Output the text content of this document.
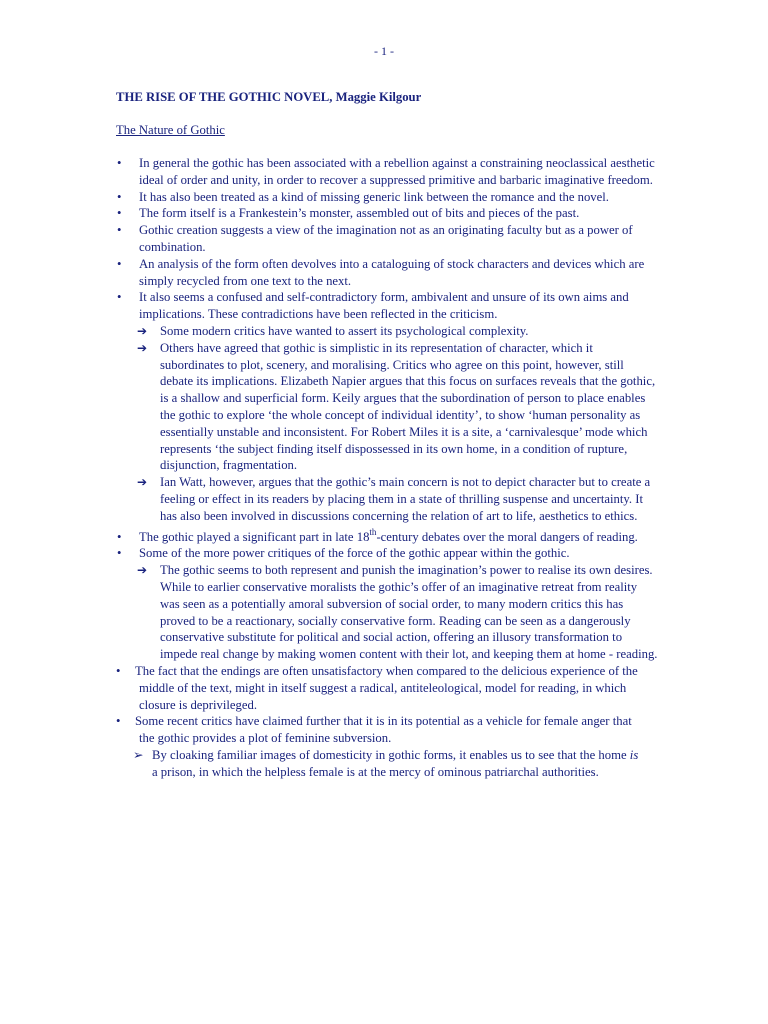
- 1 -
THE RISE OF THE GOTHIC NOVEL, Maggie Kilgour
The Nature of Gothic
• In general the gothic has been associated with a rebellion against a constraining neoclassical aesthetic ideal of order and unity, in order to recover a suppressed primitive and barbaric imaginative freedom.
• It has also been treated as a kind of missing generic link between the romance and the novel.
• The form itself is a Frankestein’s monster, assembled out of bits and pieces of the past.
• Gothic creation suggests a view of the imagination not as an originating faculty but as a power of combination.
• An analysis of the form often devolves into a cataloguing of stock characters and devices which are simply recycled from one text to the next.
• It also seems a confused and self-contradictory form, ambivalent and unsure of its own aims and implications. These contradictions have been reflected in the criticism.
➔ Some modern critics have wanted to assert its psychological complexity.
➔ Others have agreed that gothic is simplistic in its representation of character, which it subordinates to plot, scenery, and moralising. Critics who agree on this point, however, still debate its implications. Elizabeth Napier argues that this focus on surfaces reveals that the gothic, is a shallow and superficial form. Keily argues that the subordination of person to place enables the gothic to explore ‘the whole concept of individual identity’, to show ‘human personality as essentially unstable and inconsistent. For Robert Miles it is a site, a ‘carnivalesque’ mode which represents ‘the subject finding itself dispossessed in its own home, in a condition of rupture, disjunction, fragmentation.
➔ Ian Watt, however, argues that the gothic’s main concern is not to depict character but to create a feeling or effect in its readers by placing them in a state of thrilling suspense and uncertainty. It has also been involved in discussions concerning the relation of art to life, aesthetics to ethics.
• The gothic played a significant part in late 18th-century debates over the moral dangers of reading.
• Some of the more power critiques of the force of the gothic appear within the gothic.
➔ The gothic seems to both represent and punish the imagination’s power to realise its own desires. While to earlier conservative moralists the gothic’s offer of an imaginative retreat from reality was seen as a potentially amoral subversion of social order, to many modern critics this has proved to be a reactionary, socially conservative form. Reading can be seen as a dangerously conservative substitute for political and social action, offering an illusory transformation to impede real change by making women content with their lot, and keeping them at home - reading.
• The fact that the endings are often unsatisfactory when compared to the delicious experience of the middle of the text, might in itself suggest a radical, antiteleological, model for reading, in which closure is deprivileged.
• Some recent critics have claimed further that it is in its potential as a vehicle for female anger that the gothic provides a plot of feminine subversion.
➢ By cloaking familiar images of domesticity in gothic forms, it enables us to see that the home is a prison, in which the helpless female is at the mercy of ominous patriarchal authorities.
